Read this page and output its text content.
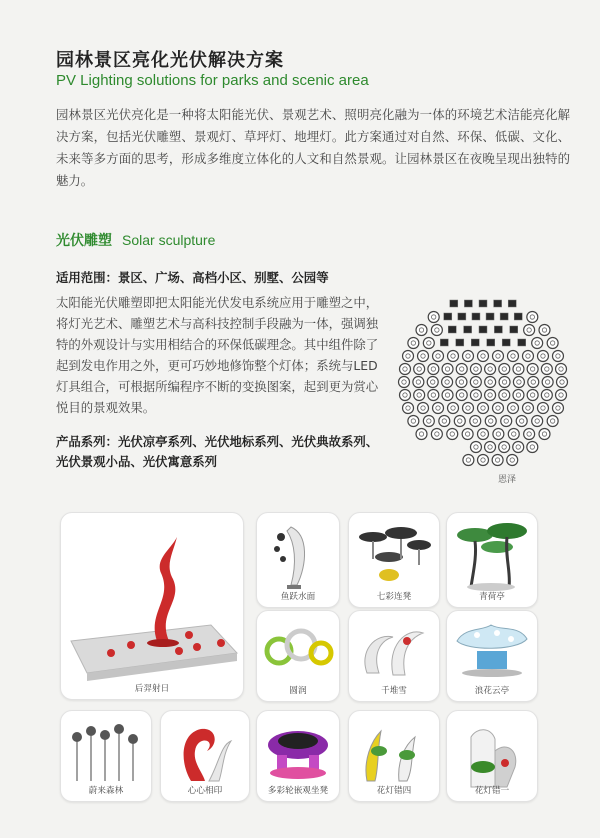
园林景区亮化光伏解决方案
PV Lighting solutions for parks and scenic area
园林景区光伏亮化是一种将太阳能光伏、景观艺术、照明亮化融为一体的环境艺术洁能亮化解决方案，包括光伏雕塑、景观灯、草坪灯、地埋灯。此方案通过对自然、环保、低碳、文化、未来等多方面的思考，形成多维度立体化的人文和自然景观。让园林景区在夜晚呈现出独特的魅力。
光伏雕塑 Solar sculpture
适用范围：景区、广场、高档小区、别墅、公园等
太阳能光伏雕塑即把太阳能光伏发电系统应用于雕塑之中，将灯光艺术、雕塑艺术与高科技控制手段融为一体，强调独特的外观设计与实用相结合的环保低碳理念。其中组件除了起到发电作用之外，更可巧妙地修饰整个灯体；系统与LED灯具组合，可根据所编程序不断的变换图案，起到更为赏心悦目的景观效果。
产品系列：光伏凉亭系列、光伏地标系列、光伏典故系列、光伏景观小品、光伏寓意系列
恩泽
后羿射日
鱼跃水面	七彩连凳	青荷亭
圆润	千堆雪	浪花云亭
蔚来森林	心心相印	多彩轮嵌观坐凳	花灯错四	花灯错一
